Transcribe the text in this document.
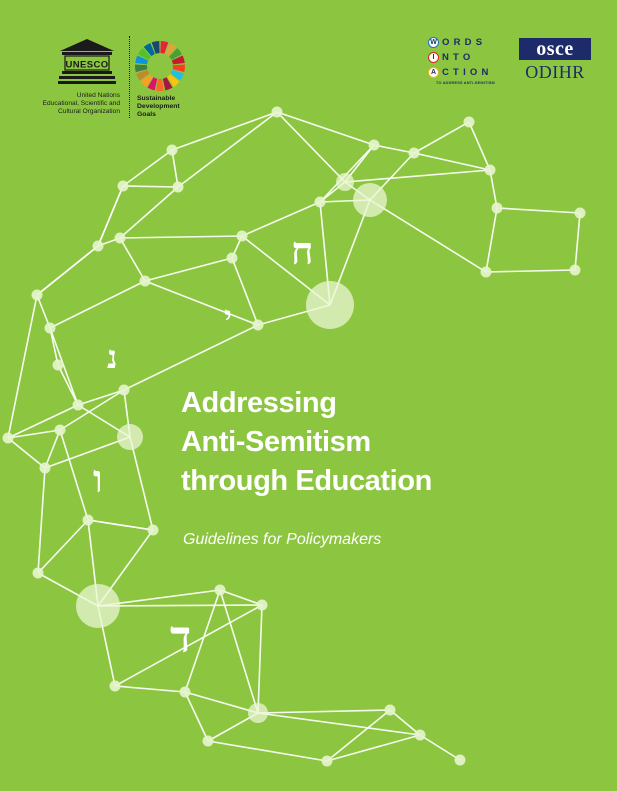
UNESCO
United Nations
Educational, Scientific and
Cultural Organization
Sustainable
Development
Goals
W ORDS
I NTO
A CTION
TO ADDRESS ANTI-SEMITISM
osce
ODIHR
ח
י
נ
ו
ד
Addressing
Anti-Semitism
through Education
Guidelines for Policymakers
